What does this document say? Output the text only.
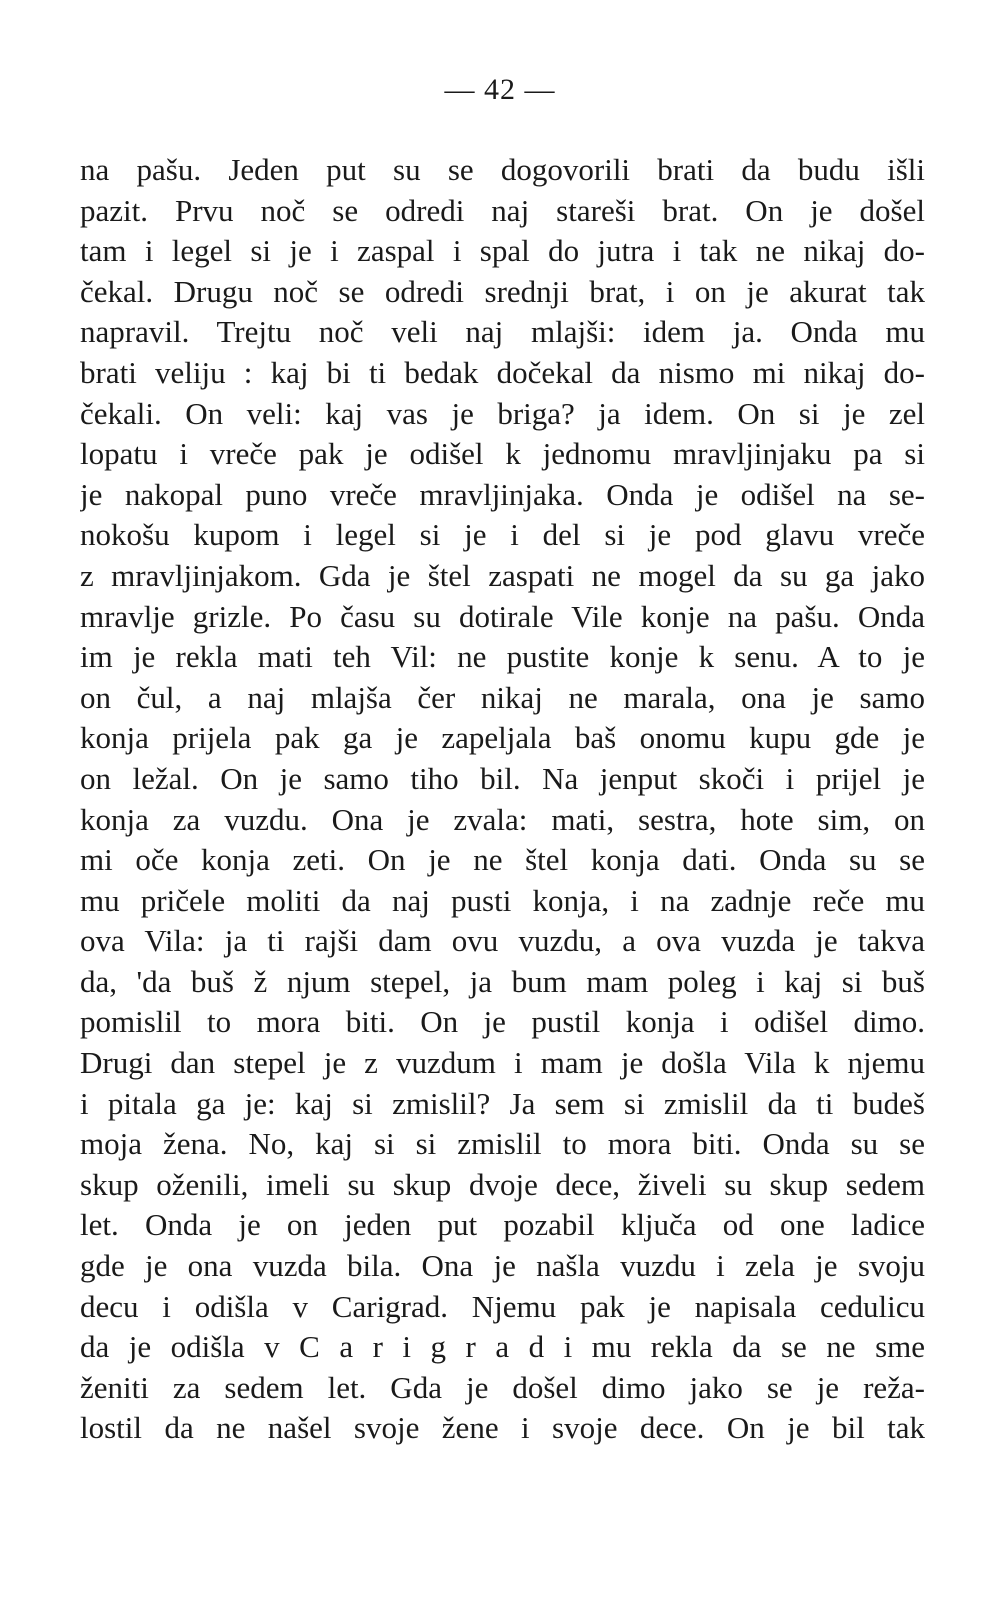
— 42 —
na pašu. Jeden put su se dogovorili brati da budu išli
pazit. Prvu noč se odredi naj stareši brat. On je došel
tam i legel si je i zaspal i spal do jutra i tak ne nikaj do-
čekal. Drugu noč se odredi srednji brat, i on je akurat tak
napravil. Trejtu noč veli naj mlajši: idem ja. Onda mu
brati veliju : kaj bi ti bedak dočekal da nismo mi nikaj do-
čekali. On veli: kaj vas je briga? ja idem. On si je zel
lopatu i vreče pak je odišel k jednomu mravljinjaku pa si
je nakopal puno vreče mravljinjaka. Onda je odišel na se-
nokošu kupom i legel si je i del si je pod glavu vreče
z mravljinjakom. Gda je štel zaspati ne mogel da su ga jako
mravlje grizle. Po času su dotirale Vile konje na pašu. Onda
im je rekla mati teh Vil: ne pustite konje k senu. A to je
on čul, a naj mlajša čer nikaj ne marala, ona je samo
konja prijela pak ga je zapeljala baš onomu kupu gde je
on ležal. On je samo tiho bil. Na jenput skoči i prijel je
konja za vuzdu. Ona je zvala: mati, sestra, hote sim, on
mi oče konja zeti. On je ne štel konja dati. Onda su se
mu pričele moliti da naj pusti konja, i na zadnje reče mu
ova Vila: ja ti rajši dam ovu vuzdu, a ova vuzda je takva
da, 'da buš ž njum stepel, ja bum mam poleg i kaj si buš
pomislil to mora biti. On je pustil konja i odišel dimo.
Drugi dan stepel je z vuzdum i mam je došla Vila k njemu
i pitala ga je: kaj si zmislil? Ja sem si zmislil da ti budeš
moja žena. No, kaj si si zmislil to mora biti. Onda su se
skup oženili, imeli su skup dvoje dece, živeli su skup sedem
let. Onda je on jeden put pozabil ključa od one ladice
gde je ona vuzda bila. Ona je našla vuzdu i zela je svoju
decu i odišla v Carigrad. Njemu pak je napisala cedulicu
da je odišla v C a r i g r a d i mu rekla da se ne sme
ženiti za sedem let. Gda je došel dimo jako se je reža-
lostil da ne našel svoje žene i svoje dece. On je bil tak
